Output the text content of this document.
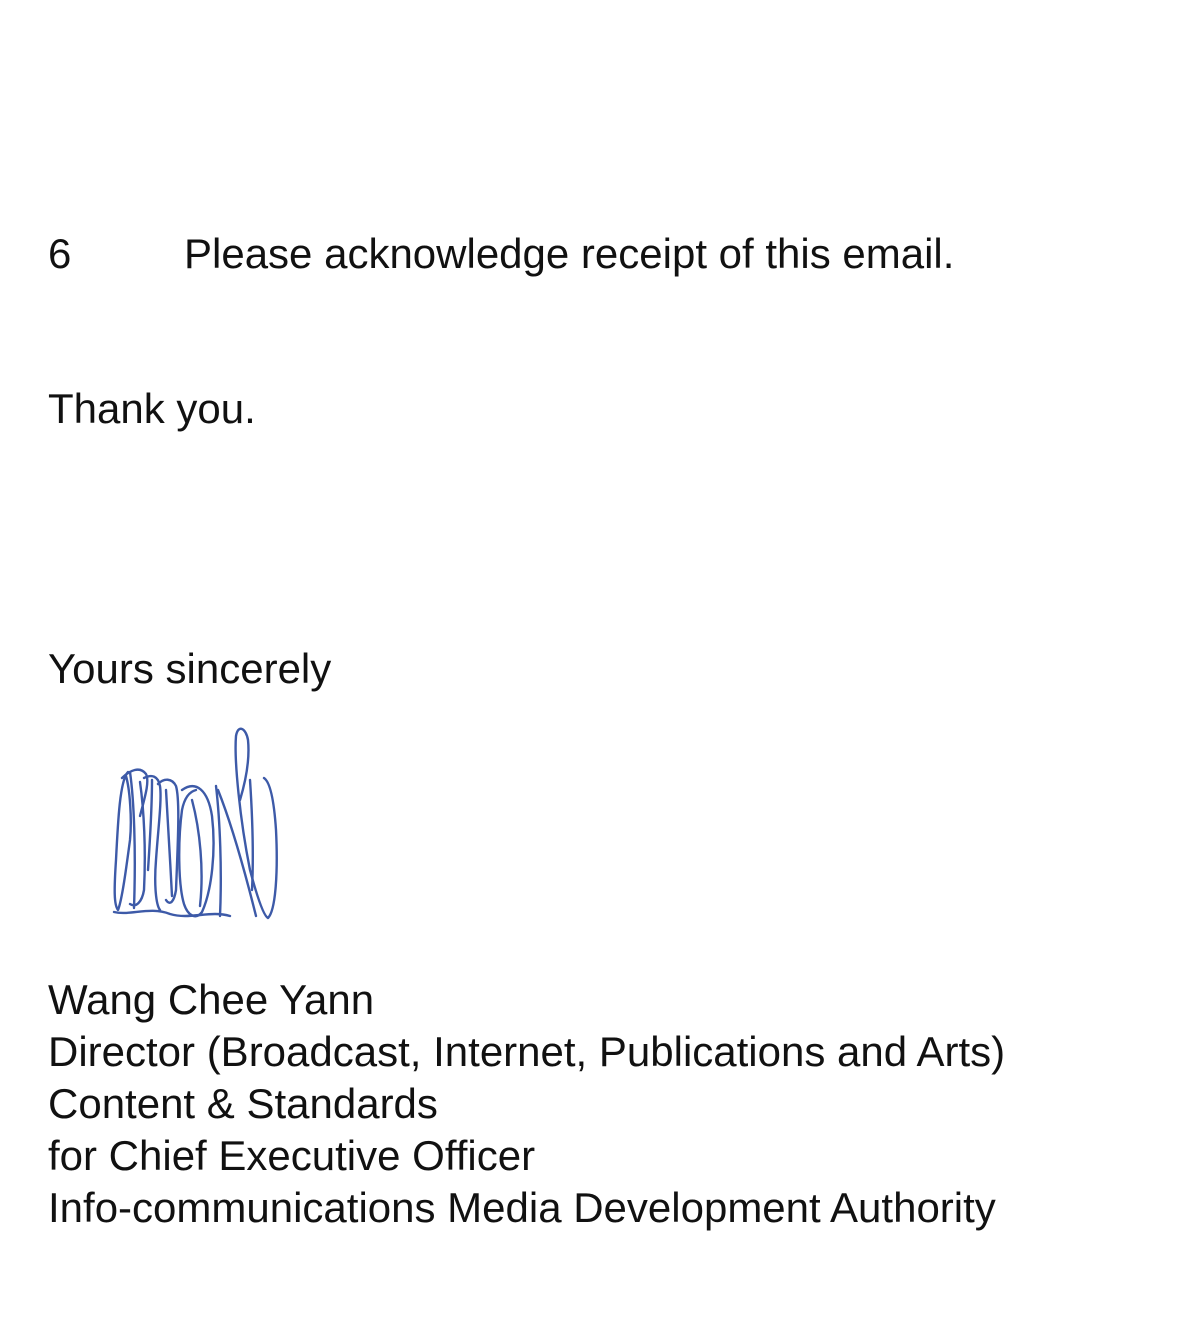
6	Please acknowledge receipt of this email.
Thank you.
Yours sincerely
Wang Chee Yann
Director (Broadcast, Internet, Publications and Arts)
Content & Standards
for Chief Executive Officer
Info-communications Media Development Authority
